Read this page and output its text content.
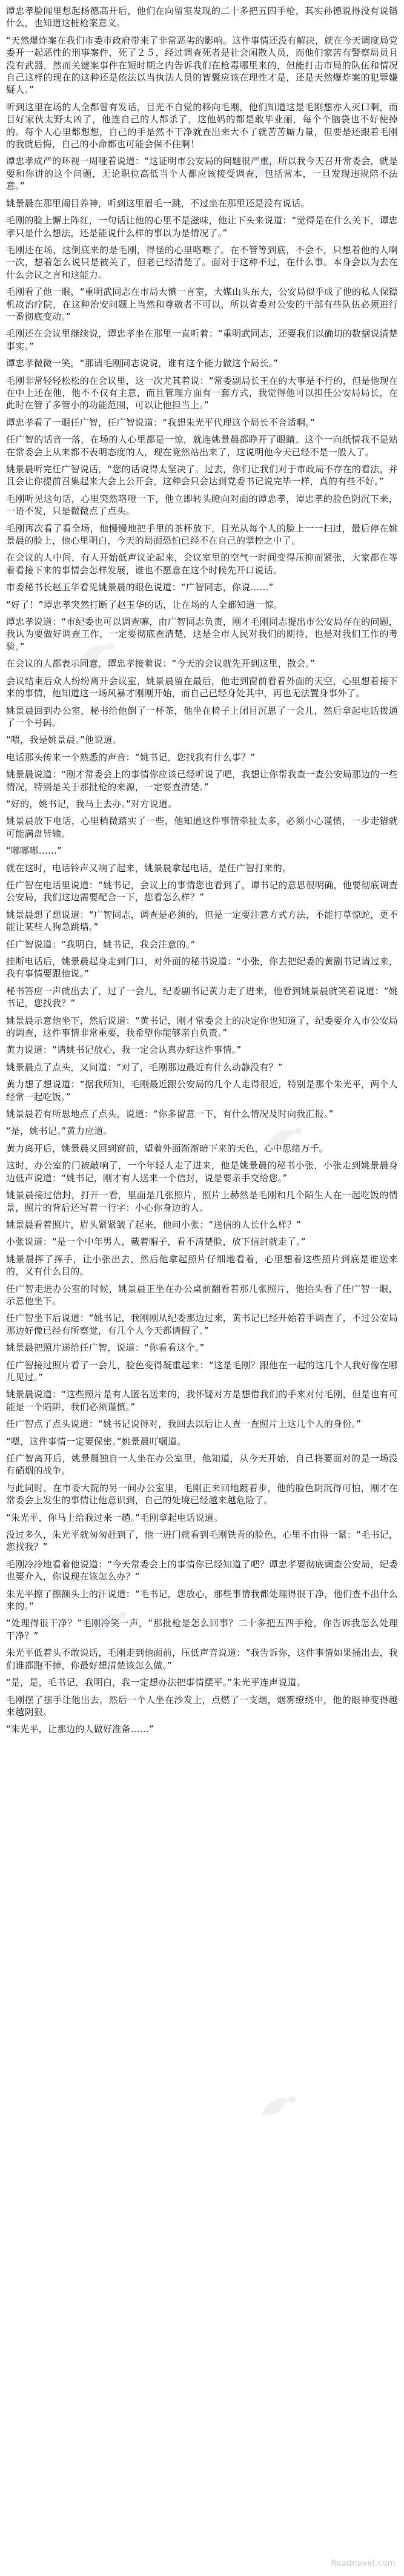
谭忠孝脸闻里想起杨德高开后，他们在向留室发现的二十多把五四手枪，其实孙德说得没有说错什么，也知道这桩枪案意义。

“天然爆炸案在我们市委市政府带来了非常恶劣的影响。这件事情还没有解决，就在今天调度局党委开一起恶性的刑事案件，死了２５，经过调查死者是社会闲散人员，而他们家苦有警察局员且没有武器，然而关键案事件在短时期之内告诉我们在枪毒哪里来的，但能打击市局的队伍和情况自己这样的现在的这种还是依法以当执法人员的智囊应该在理性才是，还是天然爆炸案的犯罪嫌疑人。”

听到这里在场的人全都曾有发话，目光不自觉的移向毛刚，他们知道这是毛刚想亦人灭口啊，而目好家伙太野太凶了，他连自己的人都杀了，这他妈的都是敢毕业丽，每个个脑袋也不好使掉的。每个人心里都想想，自己的手是然不干净就查出来大不了就苦苦厮力量，但要是还跟着毛刚的我就后悔，自己的小命都也可能会保不住啊！

谭忠孝成严的环视一周哑着说道：“这证明市公安局的问题很严重，所以我今天召开常委会，就是要和你讲的这个问题，无论职位高低当个人都应该接受调查，包括常本，一旦发现违规陪不法意。”

姚景晨在那里闹目养神，听到这里眉毛一跳，不过坐在那里还是没有说话。

毛刚的脸上懈上阵红，一句话让他的心里不是滋味，他让下头来说道：“觉得是在什么关下，谭忠孝只是什么想法，还是能说什么样的事以为是情况了。”

毛刚还在场，这倒底来的是毛刚，得怪的心里咯嚓了。在不管等到底，不会不，只想着他的人啊一次，想着怎么说只是被关了，但老已经清楚了。面对于这种不过，在什么事。本身会以为去在什么会议之言和这能力。

毛刚看了他一眼，“重明武同志在市局大慎一言室，大媒山头东大，公安局似乎成了他的私人保镖机故治疗院，在这种治安问题上当然和尊敬者不可以，所以省委对公安的干部有些队伍必须进行一番彻底变动。”

毛刚还在会议里继续说，谭忠孝坐在那里一直听着：“重明武同志，还要我们以确切的数据说清楚事实。”

谭忠孝微微一笑，“那请毛刚同志说说，谁有这个能力做这个局长。”

毛刚非常轻轻松松的在会议里，这一次尤其着说：“常委副局长王在的大事是不行的，但是他现在在中上还在他，他不不仅有主意，而且管理方面有一套方式，我觉得他可以担任公安局局长，在此时在管了多管小的功能范围，可以让他担当上。”

谭忠孝看了一眼任广智，任广智说道：“我想朱光平代理这个局长不合适啊。”

任广智的话音一落，在场的人心里都是一惊，就连姚景晨都睁开了眼睛。这个一向纸情我不是站在常委会上从来都不表明态度的人，现在竟然站出来了，这说明他今天已经不是一般人了。

姚景晨听完任广智说话，“您的话说得太坚决了。过去，你们让我们对于市政局不存在的看法，并且会让你提前召集起来大会上公开会，这种会只会达到党委书记说完毕一样，真的有些不好。”

毛刚听见这句话，心里突然咯噔一下，他立即转头瞪向对面的谭忠孝，谭忠孝的脸色阴沉下来，一语不发，只是微微点了点头。

毛刚再次看了看全场，他慢慢地把手里的茶杯放下，目光从每个人的脸上一一扫过，最后停在姚景晨的脸上，他心里明白，今天的局面恐怕已经不在自己的掌控之中了。

在会议的人中间，有人开始低声议论起来，会议室里的空气一时间变得压抑而紧张，大家都在等着看接下来的事情会怎样发展，谁也不愿意在这个时候先开口说话。

市委秘书长赵玉华看见姚景晨的眼色说道：“广智同志，你说……”

“好了！”谭忠孝突然打断了赵玉华的话，让在场的人全都知道一惊。

谭忠孝说道：“市纪委也可以调查嘛，由广智同志负责，刚才毛刚同志提出市公安局存在的问题，我认为要做好调查工作，一定要彻底查清楚，这是全市人民对我们的期待，也是对我们工作的考验。”

在会议的人都表示同意，谭忠孝接着说：“今天的会议就先开到这里，散会。”

会议结束后众人纷纷离开会议室，姚景晨留在最后，他走到窗前看着外面的天空，心里想着接下来的事情，他知道这一场风暴才刚刚开始，而自己已经身处其中，再也无法置身事外了。

姚景晨回到办公室，秘书给他倒了一杯茶，他坐在椅子上闭目沉思了一会儿，然后拿起电话拨通了一个号码。

“喂，我是姚景晨。”他说道。

电话那头传来一个熟悉的声音：“姚书记，您找我有什么事？”

姚景晨说道：“刚才常委会上的事情你应该已经听说了吧，我想让你帮我查一查公安局那边的一些情况，特别是关于那批枪的来源，一定要查清楚。”

“好的，姚书记，我马上去办。”对方说道。

姚景晨放下电话，心里稍微踏实了一些，他知道这件事情牵扯太多，必须小心谨慎，一步走错就可能满盘皆输。

“嘟嘟嘟……”

就在这时，电话铃声又响了起来，姚景晨拿起电话，是任广智打来的。

任广智在电话里说道：“姚书记，会议上的事情您也看到了，谭书记的意思很明确，他要彻底调查公安局，我们这边需要配合一下，您看怎么样？”

姚景晨想了想说道：“广智同志，调查是必须的，但是一定要注意方式方法，不能打草惊蛇，更不能让某些人狗急跳墙。”

任广智说道：“我明白，姚书记，我会注意的。”

挂断电话后，姚景晨起身走到门口，对外面的秘书说道：“小张，你去把纪委的黄副书记请过来，我有事情要跟他说。”

秘书答应一声就出去了，过了一会儿，纪委副书记黄力走了进来，他看到姚景晨就笑着说道：“姚书记，您找我？”

姚景晨示意他坐下，然后说道：“黄书记，刚才常委会上的决定你也知道了，纪委要介入市公安局的调查，这件事情非常重要，我希望你能够亲自负责。”

黄力说道：“请姚书记放心，我一定会认真办好这件事情。”

姚景晨点了点头，又问道：“对了，毛刚那边最近有什么动静没有？”

黄力想了想说道：“据我所知，毛刚最近跟公安局的几个人走得很近，特别是那个朱光平，两个人经常一起吃饭。”

姚景晨若有所思地点了点头，说道：“你多留意一下，有什么情况及时向我汇报。”

“是，姚书记。”黄力应道。

黄力离开后，姚景晨又回到窗前，望着外面渐渐暗下来的天色，心中思绪万千。

这时，办公室的门被敲响了，一个年轻人走了进来，他是姚景晨的秘书小张，小张走到姚景晨身边低声说道：“姚书记，刚才有人送来一个信封，说是要亲手交给您。”

姚景晨接过信封，打开一看，里面是几张照片，照片上赫然是毛刚和几个陌生人在一起吃饭的情景，照片的背后还写着一行字：小心你身边的人。

姚景晨看着照片，眉头紧紧皱了起来，他问小张：“送信的人长什么样？”

小张说道：“是一个中年男人，戴着帽子，看不清楚脸，放下信封就走了。”

姚景晨挥了挥手，让小张出去，然后他拿起照片仔细地看着，心里想着这些照片到底是谁送来的，又有什么目的。

任广智走进办公室的时候，姚景晨正坐在办公桌前翻看着那几张照片，他抬头看了任广智一眼，示意他坐下。

任广智坐下后说道：“姚书记，我刚刚从纪委那边过来，黄书记已经开始着手调查了，不过公安局那边好像已经有所察觉，有几个人今天都请假了。”

姚景晨把照片递给任广智，说道：“你看看这个。”

任广智接过照片看了一会儿，脸色变得凝重起来：“这是毛刚？跟他在一起的这几个人我好像在哪儿见过。”

姚景晨说道：“这些照片是有人匿名送来的，我怀疑对方是想借我们的手来对付毛刚，但是也有可能是一个陷阱，我们必须谨慎。”

任广智点了点头说道：“姚书记说得对，我回去以后让人查一查照片上这几个人的身份。”

“嗯，这件事情一定要保密。”姚景晨叮嘱道。

任广智离开后，姚景晨独自一人坐在办公室里，他知道，从今天开始，自己将要面对的是一场没有硝烟的战争。

与此同时，在市委大院的另一间办公室里，毛刚正来回地踱着步，他的脸色阴沉得可怕，刚才在常委会上发生的事情让他意识到，自己的处境已经越来越危险了。

“朱光平，你马上给我过来一趟。”毛刚拿起电话说道。

没过多久，朱光平就匆匆赶到了，他一进门就看到毛刚铁青的脸色，心里不由得一紧：“毛书记，您找我？”

毛刚冷冷地看着他说道：“今天常委会上的事情你已经知道了吧？谭忠孝要彻底调查公安局，纪委也要介入，你说现在该怎么办？”

朱光平擦了擦额头上的汗说道：“毛书记，您放心，那些事情我都处理得很干净，他们查不出什么来的。”

“处理得很干净？”毛刚冷笑一声，“那批枪是怎么回事？二十多把五四手枪，你告诉我怎么处理干净？”

朱光平低着头不敢说话，毛刚走到他面前，压低声音说道：“我告诉你，这件事情如果捅出去，我们谁都跑不掉，你最好想清楚该怎么做。”

“是，是，毛书记，我明白，我一定想办法把事情摆平。”朱光平连声说道。

毛刚摆了摆手让他出去，然后一个人坐在沙发上，点燃了一支烟，烟雾缭绕中，他的眼神变得越来越阴狠。

“朱光平，让那边的人做好准备……”

Readnovel.com
